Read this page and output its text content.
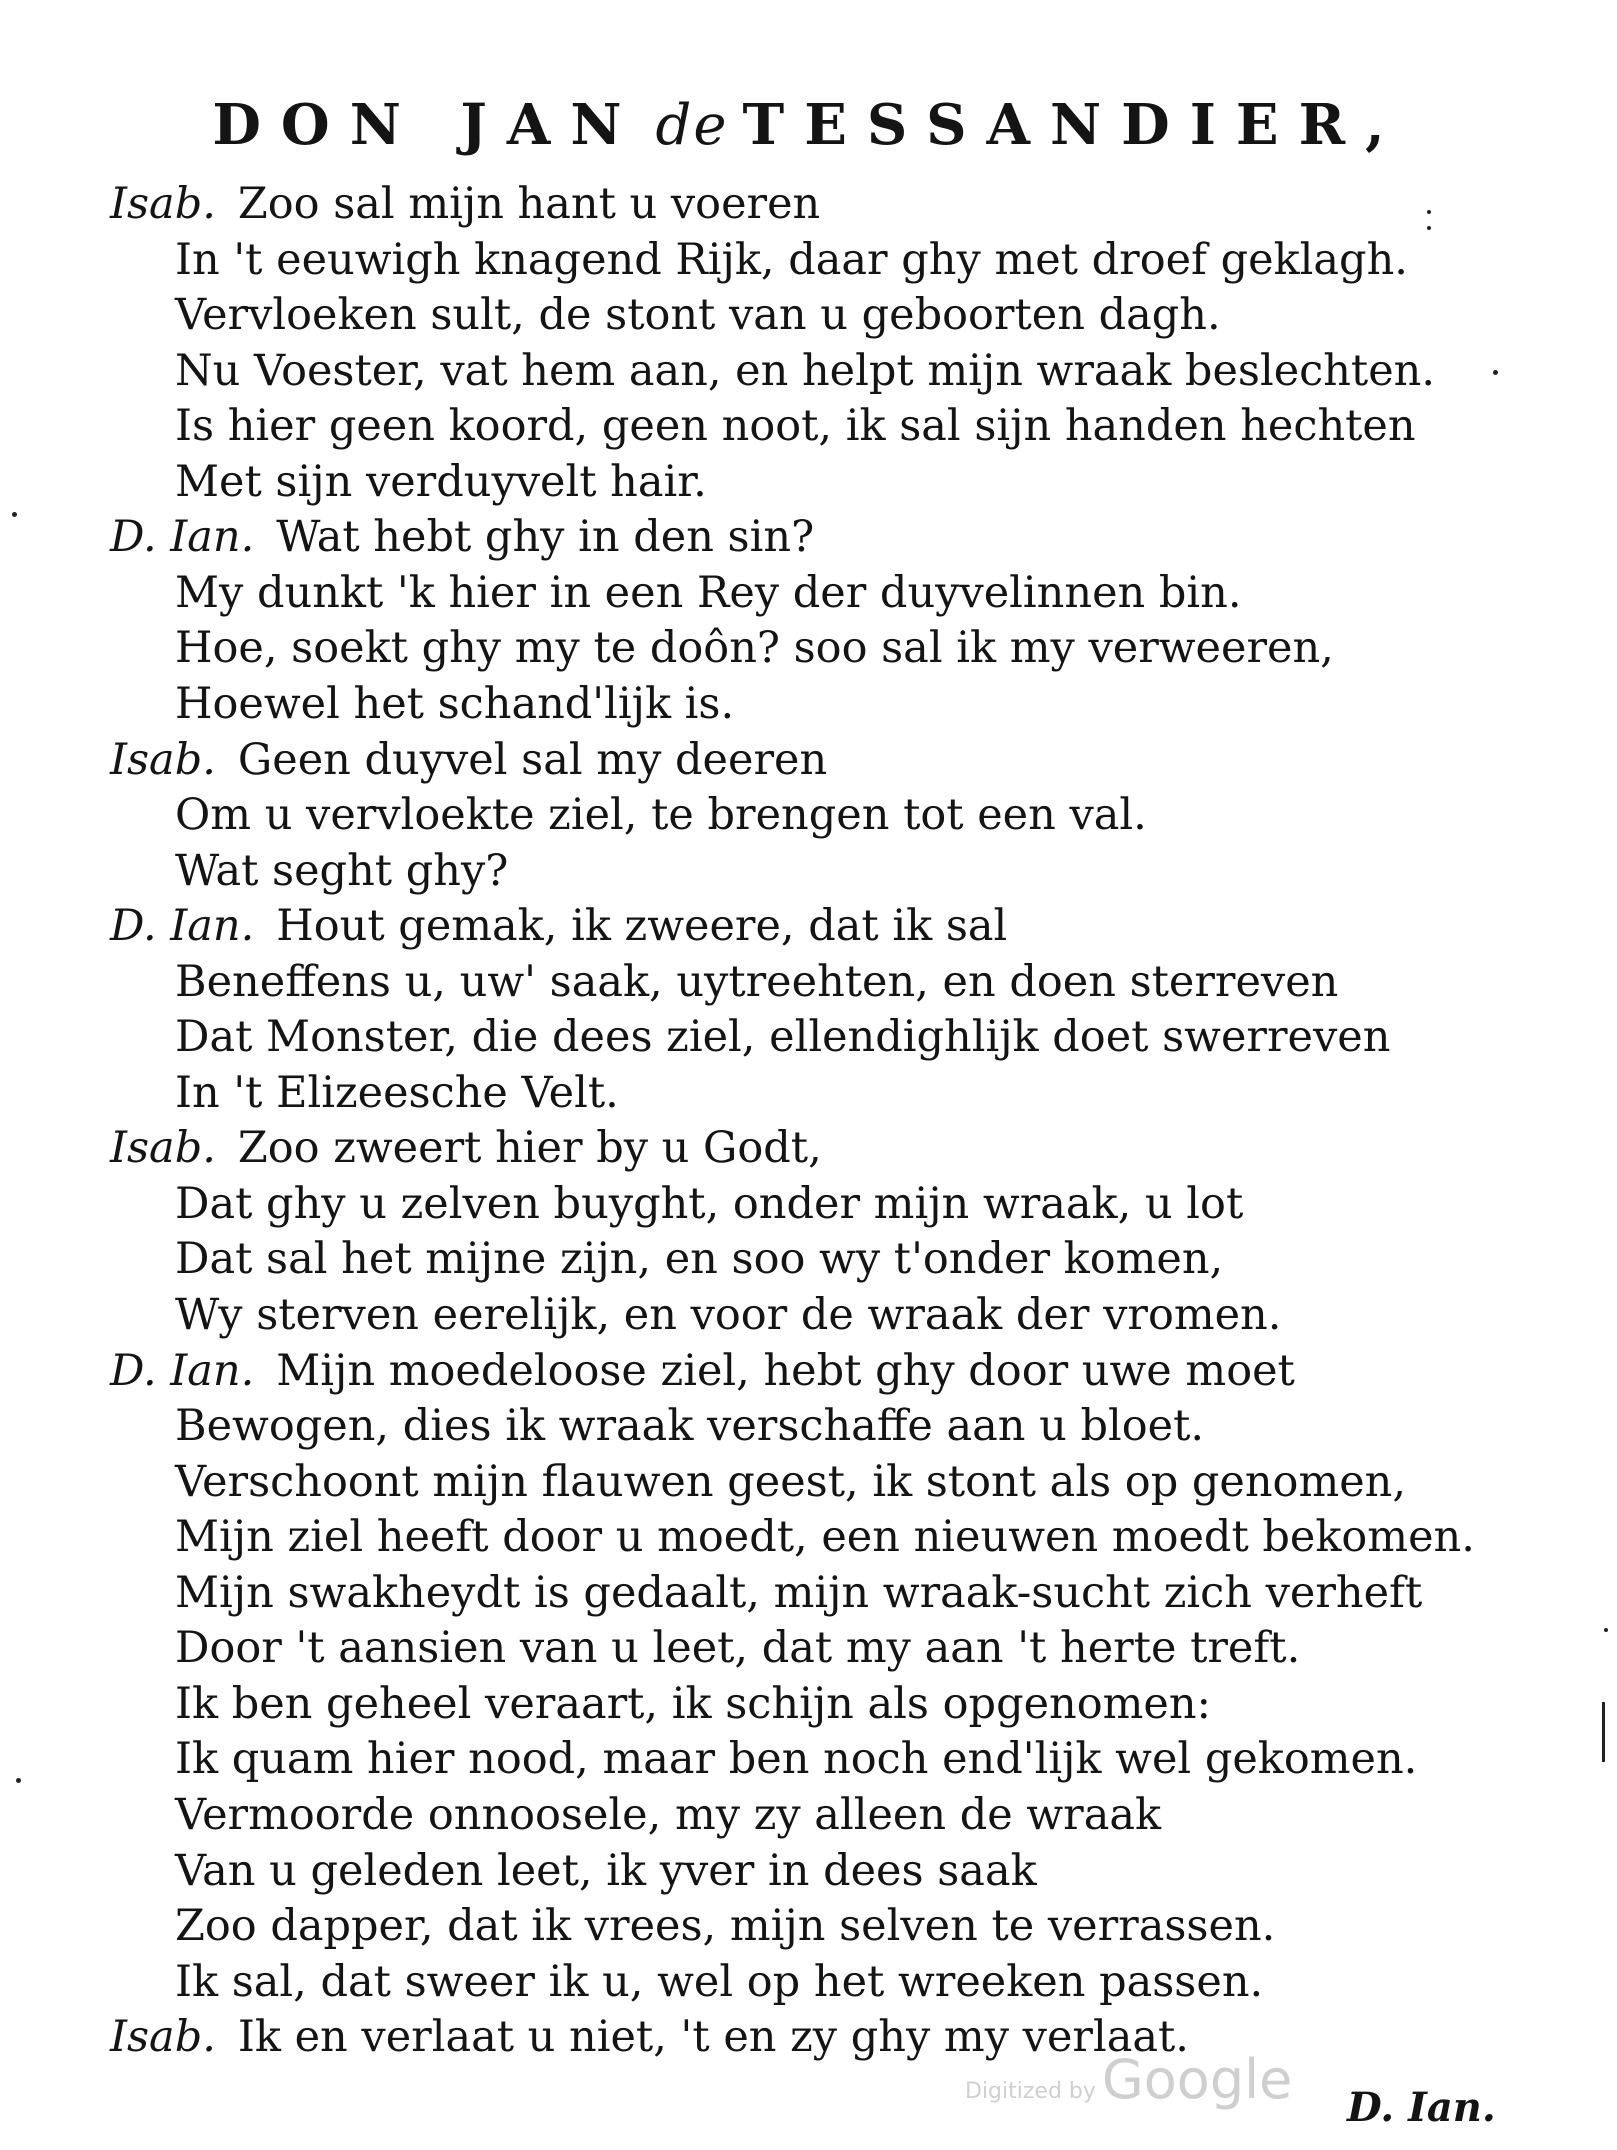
DON JAN de TESSANDIER,
Isab. Zoo sal mijn hant u voeren
In 't eeuwigh knagend Rijk, daar ghy met droef geklagh.
Vervloeken sult, de stont van u geboorten dagh.
Nu Voester, vat hem aan, en helpt mijn wraak beslechten.
Is hier geen koord, geen noot, ik sal sijn handen hechten
Met sijn verduyvelt hair.
D. Ian. Wat hebt ghy in den sin?
My dunkt 'k hier in een Rey der duyvelinnen bin.
Hoe, soekt ghy my te doôn? soo sal ik my verweeren,
Hoewel het schand'lijk is.
Isab. Geen duyvel sal my deeren
Om u vervloekte ziel, te brengen tot een val.
Wat seght ghy?
D. Ian. Hout gemak, ik zweere, dat ik sal
Beneffens u, uw' saak, uytreehten, en doen sterreven
Dat Monster, die dees ziel, ellendighlijk doet swerreven
In 't Elizeesche Velt.
Isab. Zoo zweert hier by u Godt,
Dat ghy u zelven buyght, onder mijn wraak, u lot
Dat sal het mijne zijn, en soo wy t'onder komen,
Wy sterven eerelijk, en voor de wraak der vromen.
D. Ian. Mijn moedeloose ziel, hebt ghy door uwe moet
Bewogen, dies ik wraak verschaffe aan u bloet.
Verschoont mijn flauwen geest, ik stont als op genomen,
Mijn ziel heeft door u moedt, een nieuwen moedt bekomen.
Mijn swakheydt is gedaalt, mijn wraak-sucht zich verheft
Door 't aansien van u leet, dat my aan 't herte treft.
Ik ben geheel veraart, ik schijn als opgenomen:
Ik quam hier nood, maar ben noch end'lijk wel gekomen.
Vermoorde onnoosele, my zy alleen de wraak
Van u geleden leet, ik yver in dees saak
Zoo dapper, dat ik vrees, mijn selven te verrassen.
Ik sal, dat sweer ik u, wel op het wreeken passen.
Isab. Ik en verlaat u niet, 't en zy ghy my verlaat.
D. Ian.
Digitized by Google
